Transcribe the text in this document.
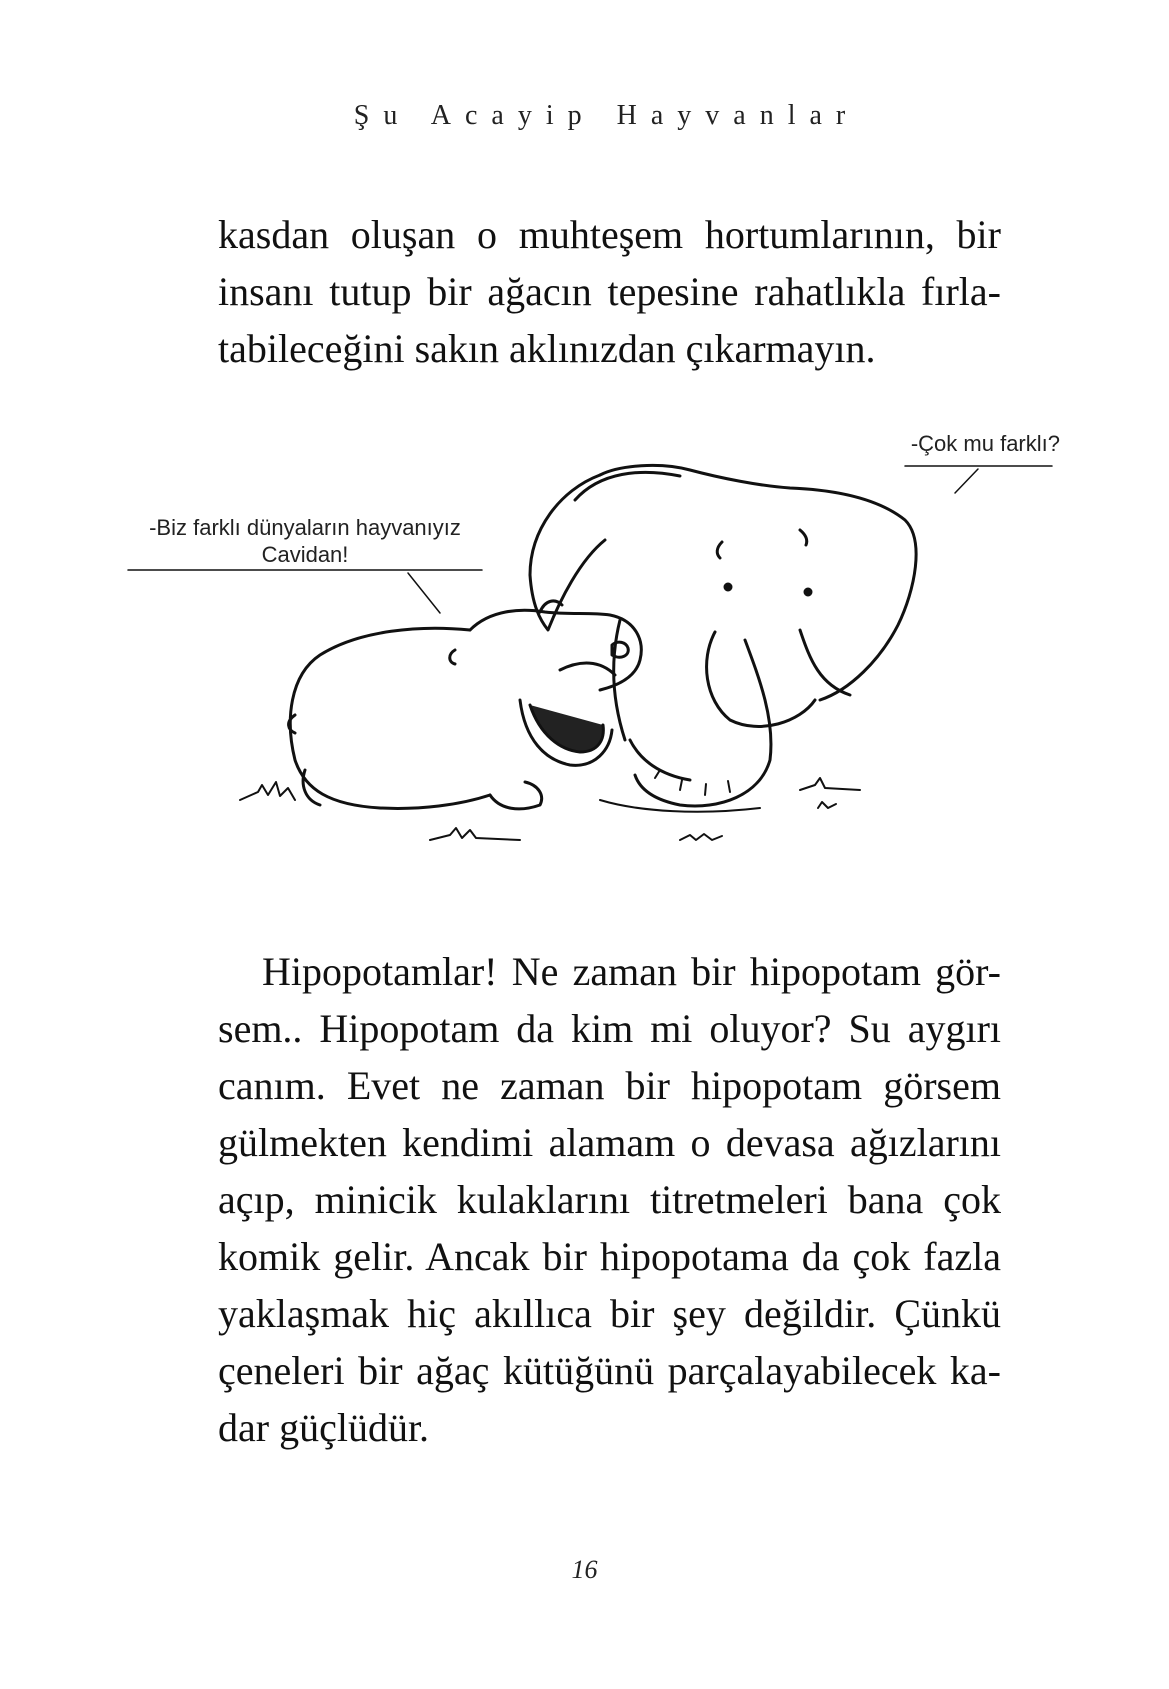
Şu Acayip Hayvanlar

kasdan oluşan o muhteşem hortumlarının, bir insanı tutup bir ağacın tepesine rahatlıkla fırla-tabileceğini sakın aklınızdan çıkarmayın.

-Biz farklı dünyaların hayvanıyız
Cavidan!
-Çok mu farklı?

Hipopotamlar! Ne zaman bir hipopotam gör-sem.. Hipopotam da kim mi oluyor? Su aygırı canım. Evet ne zaman bir hipopotam görsem gülmekten kendimi alamam o devasa ağızlarını açıp, minicik kulaklarını titretmeleri bana çok komik gelir. Ancak bir hipopotama da çok fazla yaklaşmak hiç akıllıca bir şey değildir. Çünkü çeneleri bir ağaç kütüğünü parçalayabilecek ka-dar güçlüdür.

16
